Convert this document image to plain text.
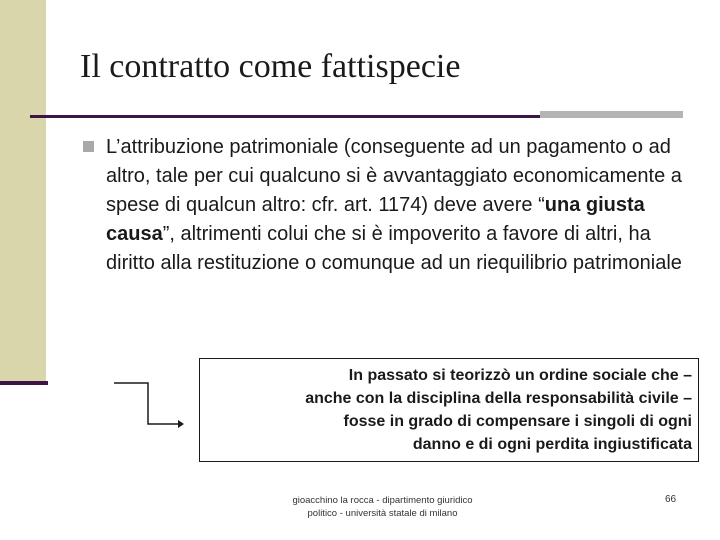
Il contratto come fattispecie

L’attribuzione patrimoniale (conseguente ad un pagamento o ad altro, tale per cui qualcuno si è avvantaggiato economicamente a spese di qualcun altro: cfr. art. 1174) deve avere “una giusta causa”, altrimenti colui che si è impoverito a favore di altri, ha diritto alla restituzione o comunque ad un riequilibrio patrimoniale

In passato si teorizzò un ordine sociale che –
anche con la disciplina della responsabilità civile –
fosse in grado di compensare i singoli di ogni
danno e di ogni perdita ingiustificata
gioacchino la rocca - dipartimento giuridico
politico - università statale di milano
66
